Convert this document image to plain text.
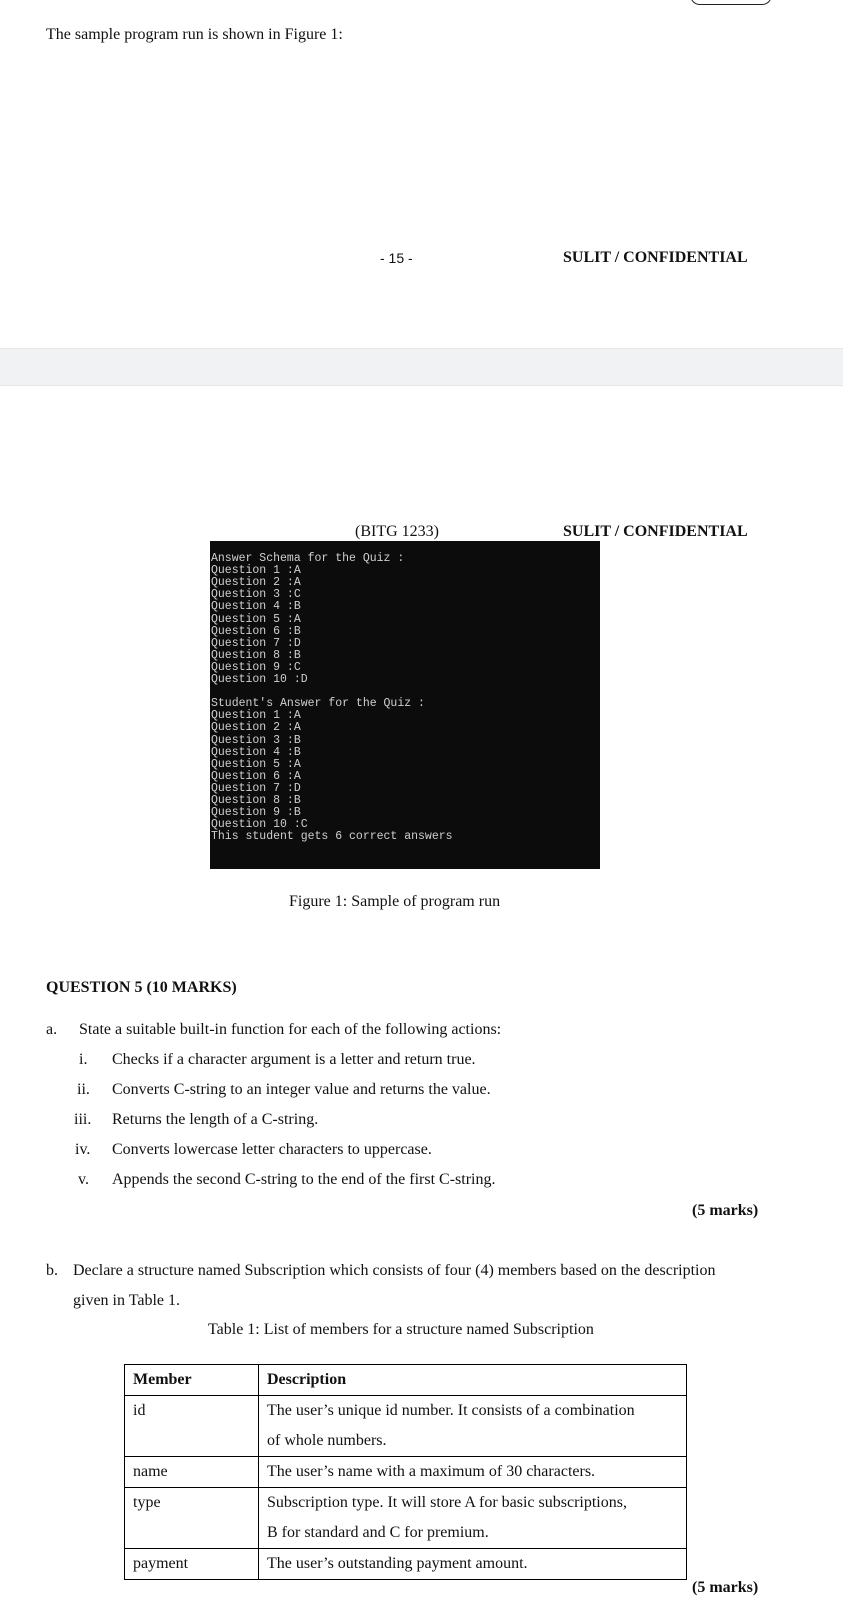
The sample program run is shown in Figure 1:
- 15 -	SULIT / CONFIDENTIAL
(BITG 1233)	SULIT / CONFIDENTIAL
Answer Schema for the Quiz :
Question 1 :A
Question 2 :A
Question 3 :C
Question 4 :B
Question 5 :A
Question 6 :B
Question 7 :D
Question 8 :B
Question 9 :C
Question 10 :D
Student's Answer for the Quiz :
Question 1 :A
Question 2 :A
Question 3 :B
Question 4 :B
Question 5 :A
Question 6 :A
Question 7 :D
Question 8 :B
Question 9 :B
Question 10 :C
This student gets 6 correct answers
Figure 1: Sample of program run
QUESTION 5 (10 MARKS)
a. State a suitable built-in function for each of the following actions:
i. Checks if a character argument is a letter and return true.
ii. Converts C-string to an integer value and returns the value.
iii. Returns the length of a C-string.
iv. Converts lowercase letter characters to uppercase.
v. Appends the second C-string to the end of the first C-string.
(5 marks)
b. Declare a structure named Subscription which consists of four (4) members based on the description
given in Table 1.
Table 1: List of members for a structure named Subscription
Member	Description
id	The user’s unique id number. It consists of a combination
of whole numbers.

name	The user’s name with a maximum of 30 characters.

type	Subscription type. It will store A for basic subscriptions,
B for standard and C for premium.

payment	The user’s outstanding payment amount.
(5 marks)
